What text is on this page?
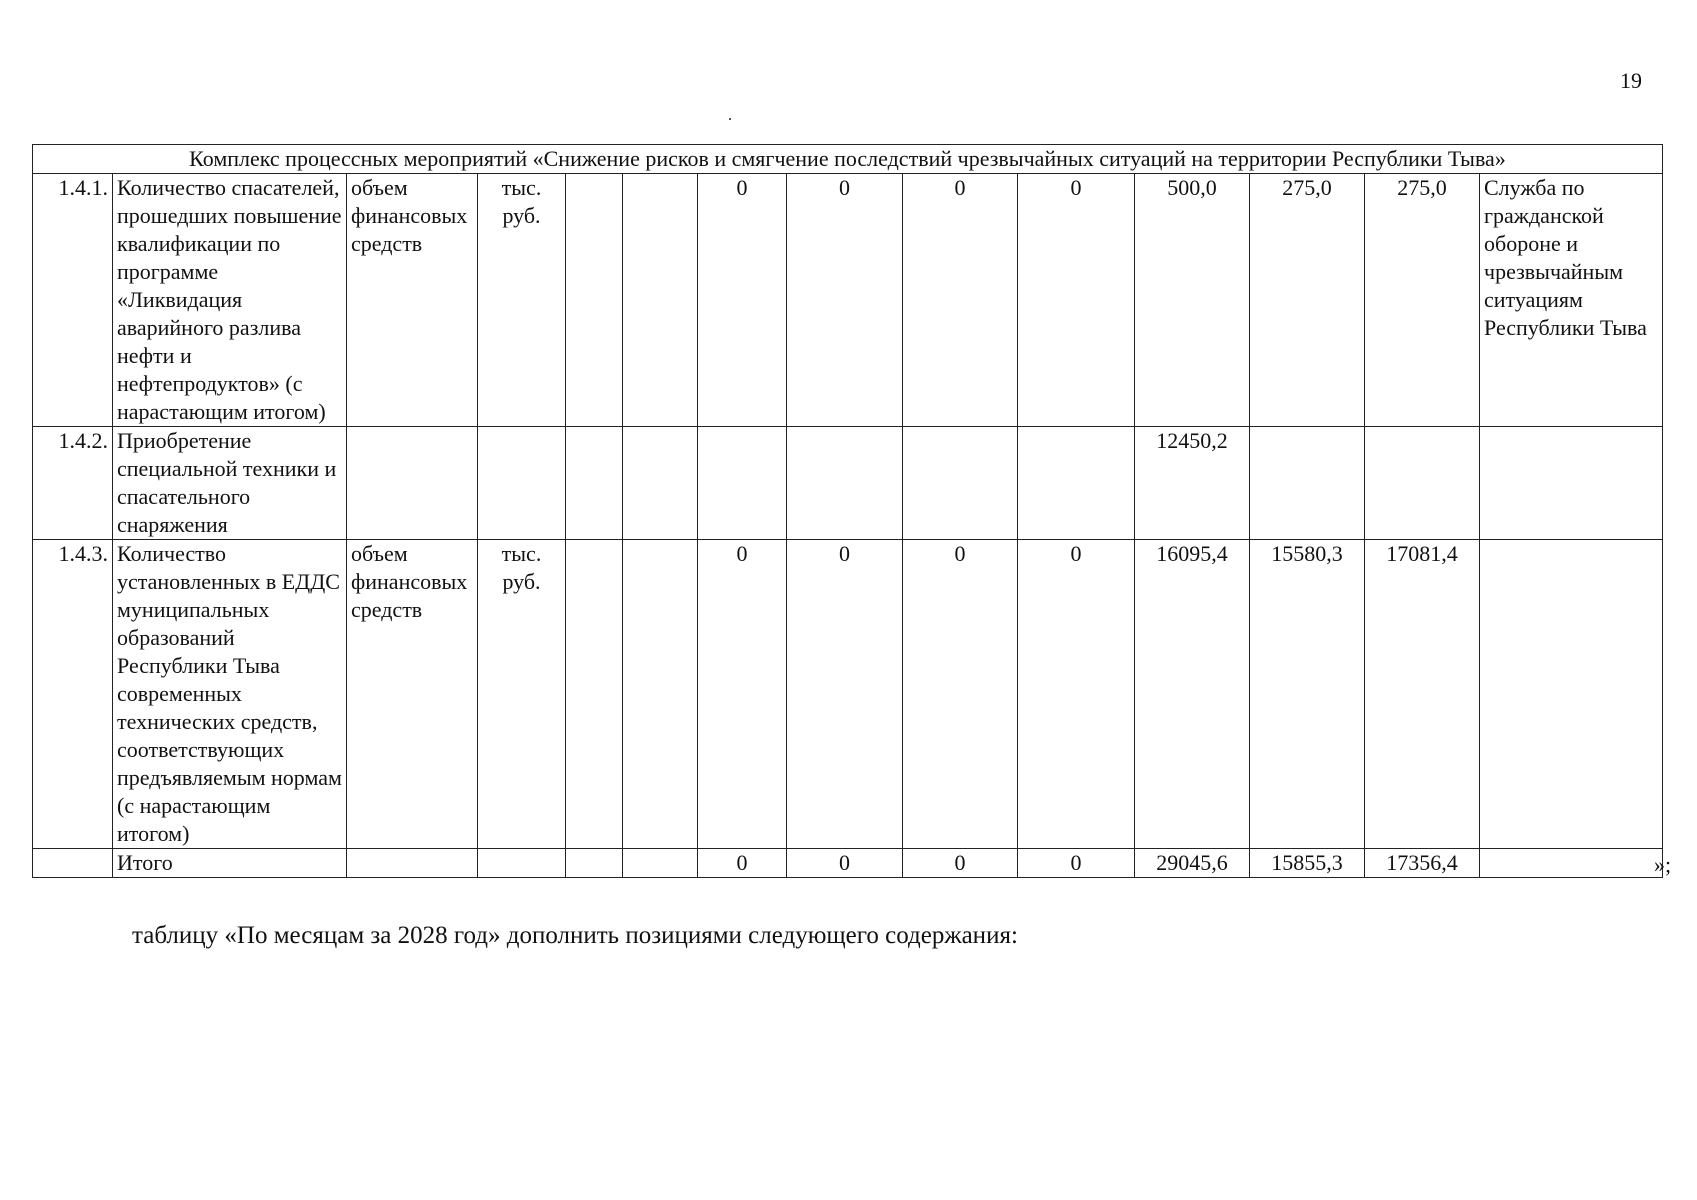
19
Комплекс процессных мероприятий «Снижение рисков и смягчение последствий чрезвычайных ситуаций на территории Республики Тыва»													
1.4.1.	Количество спасателей, прошедших повышение квалификации по программе «Ликвидация аварийного разлива нефти и нефтепродуктов» (с нарастающим итогом)	объем финансовых средств	тыс. руб.			0	0	0	0	500,0	275,0	275,0	Служба по гражданской обороне и чрезвычайным ситуациям Республики Тыва
1.4.2.	Приобретение специальной техники и спасательного снаряжения									12450,2			
1.4.3.	Количество установленных в ЕДДС муниципальных образований Республики Тыва современных технических средств, соответствующих предъявляемым нормам (с нарастающим итогом)	объем финансовых средств	тыс. руб.			0	0	0	0	16095,4	15580,3	17081,4	
	Итого					0	0	0	0	29045,6	15855,3	17356,4		»;
таблицу «По месяцам за 2028 год» дополнить позициями следующего содержания:
